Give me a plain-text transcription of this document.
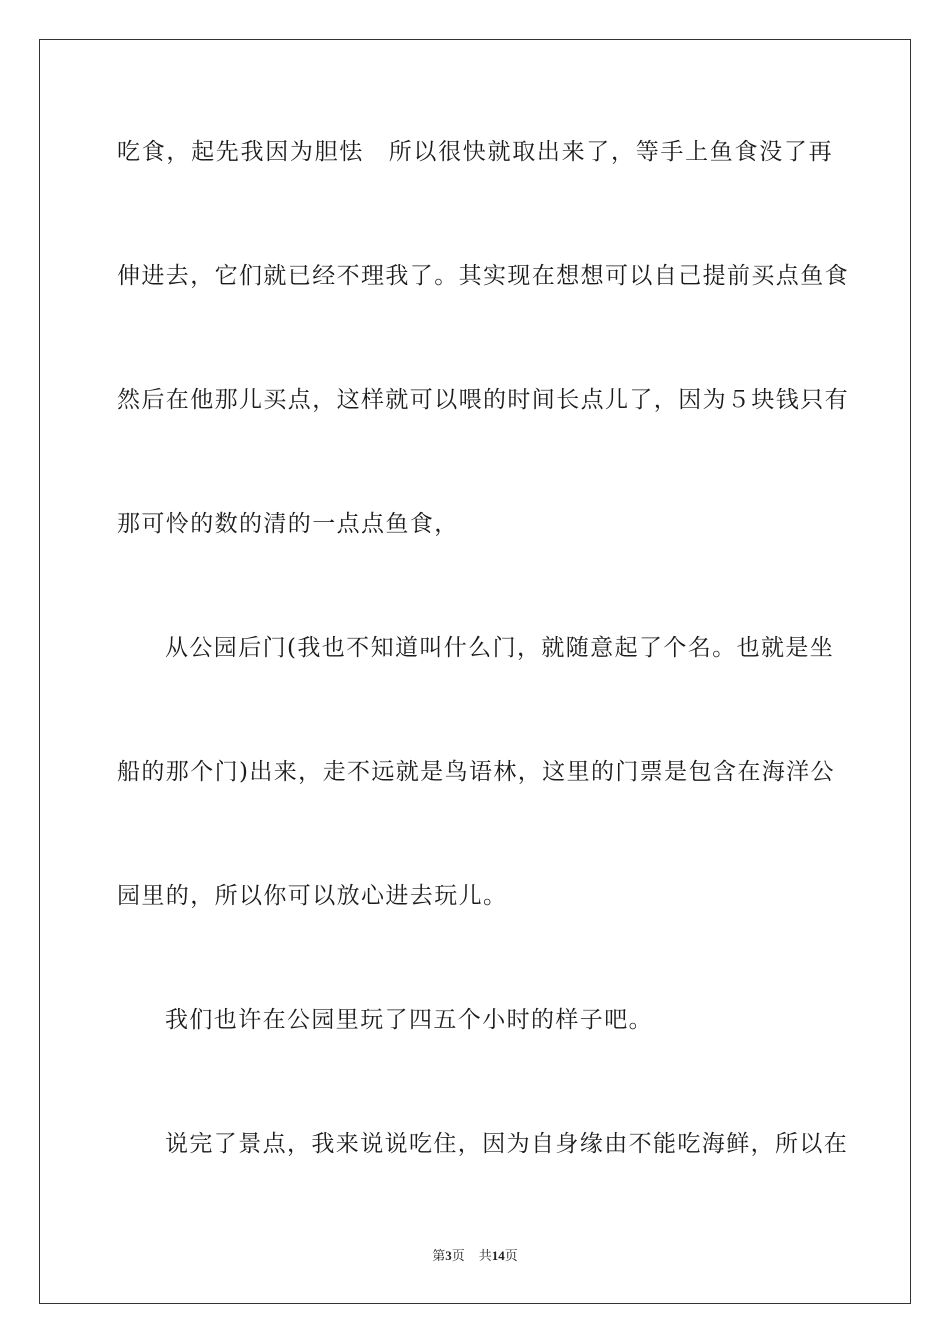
吃食，起先我因为胆怯　所以很快就取出来了，等手上鱼食没了再
伸进去，它们就已经不理我了。其实现在想想可以自己提前买点鱼食
然后在他那儿买点，这样就可以喂的时间长点儿了，因为５块钱只有
那可怜的数的清的一点点鱼食，
从公园后门(我也不知道叫什么门，就随意起了个名。也就是坐
船的那个门)出来，走不远就是鸟语林，这里的门票是包含在海洋公
园里的，所以你可以放心进去玩儿。
我们也许在公园里玩了四五个小时的样子吧。
说完了景点，我来说说吃住，因为自身缘由不能吃海鲜，所以在
第3页 共14页
